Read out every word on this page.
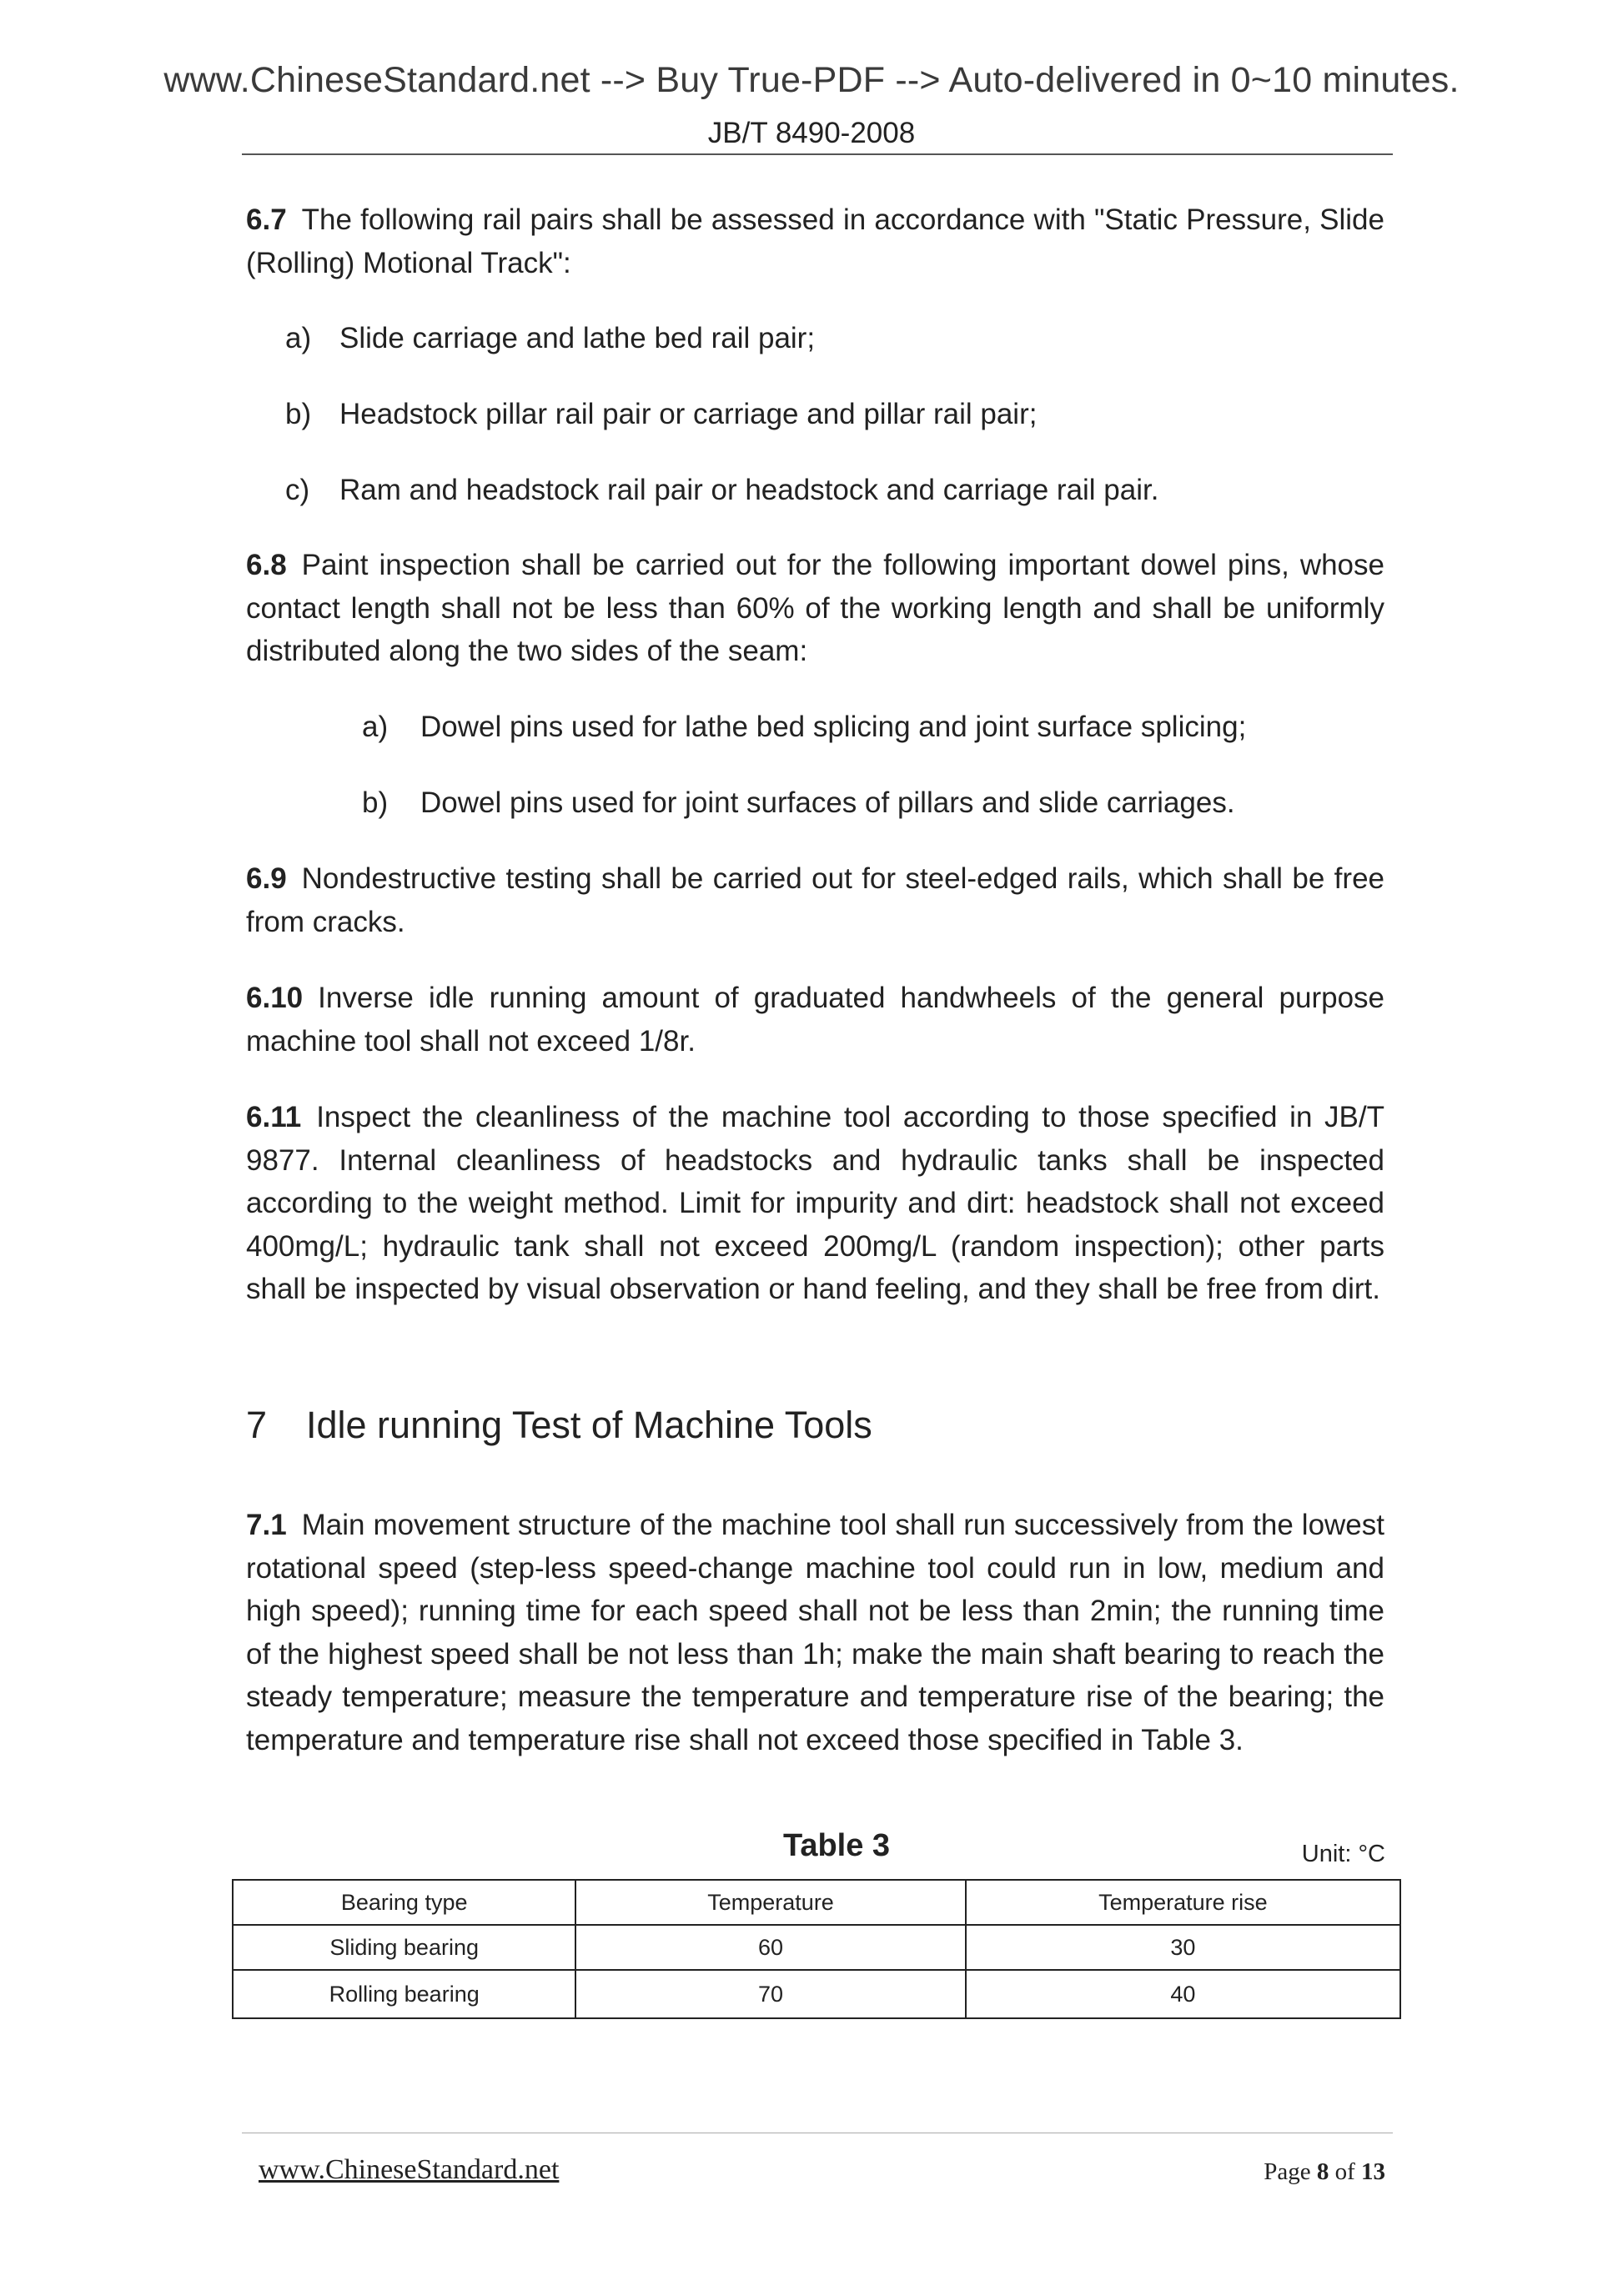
www.ChineseStandard.net --> Buy True-PDF --> Auto-delivered in 0~10 minutes.
JB/T 8490-2008

6.7 The following rail pairs shall be assessed in accordance with "Static Pressure, Slide (Rolling) Motional Track":

a) Slide carriage and lathe bed rail pair;
b) Headstock pillar rail pair or carriage and pillar rail pair;
c) Ram and headstock rail pair or headstock and carriage rail pair.

6.8 Paint inspection shall be carried out for the following important dowel pins, whose contact length shall not be less than 60% of the working length and shall be uniformly distributed along the two sides of the seam:

a) Dowel pins used for lathe bed splicing and joint surface splicing;
b) Dowel pins used for joint surfaces of pillars and slide carriages.

6.9 Nondestructive testing shall be carried out for steel-edged rails, which shall be free from cracks.

6.10 Inverse idle running amount of graduated handwheels of the general purpose machine tool shall not exceed 1/8r.

6.11 Inspect the cleanliness of the machine tool according to those specified in JB/T 9877. Internal cleanliness of headstocks and hydraulic tanks shall be inspected according to the weight method. Limit for impurity and dirt: headstock shall not exceed 400mg/L; hydraulic tank shall not exceed 200mg/L (random inspection); other parts shall be inspected by visual observation or hand feeling, and they shall be free from dirt.

7 Idle running Test of Machine Tools

7.1 Main movement structure of the machine tool shall run successively from the lowest rotational speed (step-less speed-change machine tool could run in low, medium and high speed); running time for each speed shall not be less than 2min; the running time of the highest speed shall be not less than 1h; make the main shaft bearing to reach the steady temperature; measure the temperature and temperature rise of the bearing; the temperature and temperature rise shall not exceed those specified in Table 3.

Table 3	Unit: °C
Bearing type	Temperature	Temperature rise
Sliding bearing	60	30
Rolling bearing	70	40
www.ChineseStandard.net	Page 8 of 13
